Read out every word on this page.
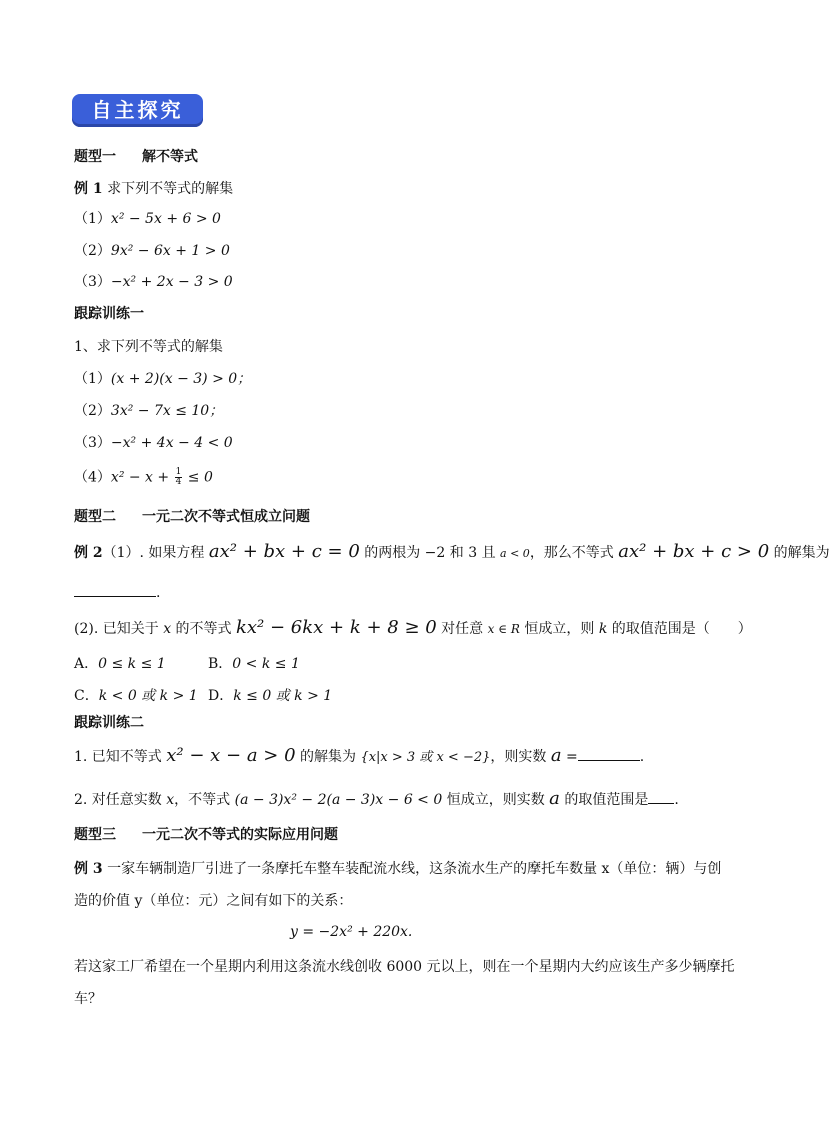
自主探究
题型一 解不等式
例 1 求下列不等式的解集
（1）x² − 5x + 6 > 0
（2）9x² − 6x + 1 > 0
（3）−x² + 2x − 3 > 0
跟踪训练一
1、求下列不等式的解集
（1）(x + 2)(x − 3) > 0；
（2）3x² − 7x ≤ 10；
（3）−x² + 4x − 4 < 0
$(4)x^2 - x + \frac{1}{4} \le 0$
题型二 一元二次不等式恒成立问题
例 2（1）. 如果方程 ax² + bx + c = 0 的两根为 −2 和 3 且 a < 0，那么不等式 ax² + bx + c > 0 的解集为
.
(2). 已知关于 x 的不等式 kx² − 6kx + k + 8 ≥ 0 对任意 x ∈ R 恒成立，则 k 的取值范围是（　　）
A．0 ≤ k ≤ 1	B．0 < k ≤ 1
C．k < 0 或 k > 1 D．k ≤ 0 或 k > 1
跟踪训练二
1. 已知不等式 x² − x − a > 0 的解集为 {x|x > 3 或 x < −2}，则实数 a =	.
2. 对任意实数 x，不等式 (a − 3)x² − 2(a − 3)x − 6 < 0 恒成立，则实数 a 的取值范围是 .
题型三 一元二次不等式的实际应用问题
例 3 一家车辆制造厂引进了一条摩托车整车装配流水线，这条流水生产的摩托车数量 x（单位：辆）与创
造的价值 y（单位：元）之间有如下的关系：
y = −2x² + 220x.
若这家工厂希望在一个星期内利用这条流水线创收 6000 元以上，则在一个星期内大约应该生产多少辆摩托
车？
